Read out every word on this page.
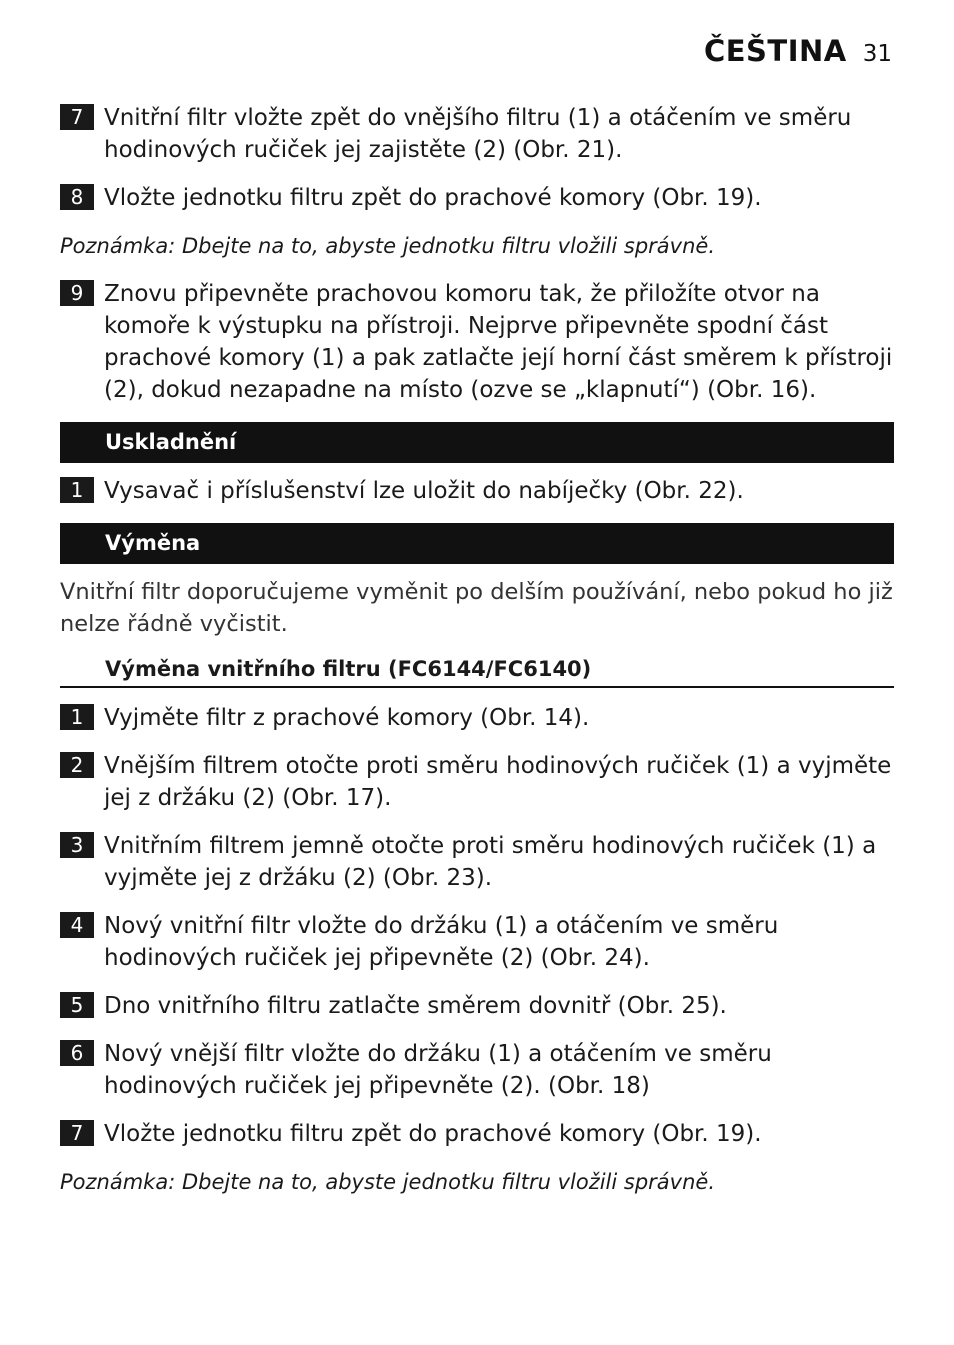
ČEŠTINA 31
7 Vnitřní filtr vložte zpět do vnějšího filtru (1) a otáčením ve směru hodinových ručiček jej zajistěte (2) (Obr. 21).
8 Vložte jednotku filtru zpět do prachové komory (Obr. 19).

Poznámka: Dbejte na to, abyste jednotku filtru vložili správně.

9 Znovu připevněte prachovou komoru tak, že přiložíte otvor na komoře k výstupku na přístroji. Nejprve připevněte spodní část prachové komory (1) a pak zatlačte její horní část směrem k přístroji (2), dokud nezapadne na místo (ozve se „klapnutí“) (Obr. 16).
Uskladnění
1 Vysavač i příslušenství lze uložit do nabíječky (Obr. 22).
Výměna

Vnitřní filtr doporučujeme vyměnit po delším používání, nebo pokud ho již nelze řádně vyčistit.

Výměna vnitřního filtru (FC6144/FC6140)
1 Vyjměte filtr z prachové komory (Obr. 14).
2 Vnějším filtrem otočte proti směru hodinových ručiček (1) a vyjměte jej z držáku (2) (Obr. 17).
3 Vnitřním filtrem jemně otočte proti směru hodinových ručiček (1) a vyjměte jej z držáku (2) (Obr. 23).
4 Nový vnitřní filtr vložte do držáku (1) a otáčením ve směru hodinových ručiček jej připevněte (2) (Obr. 24).
5 Dno vnitřního filtru zatlačte směrem dovnitř (Obr. 25).
6 Nový vnější filtr vložte do držáku (1) a otáčením ve směru hodinových ručiček jej připevněte (2). (Obr. 18)
7 Vložte jednotku filtru zpět do prachové komory (Obr. 19).

Poznámka: Dbejte na to, abyste jednotku filtru vložili správně.
